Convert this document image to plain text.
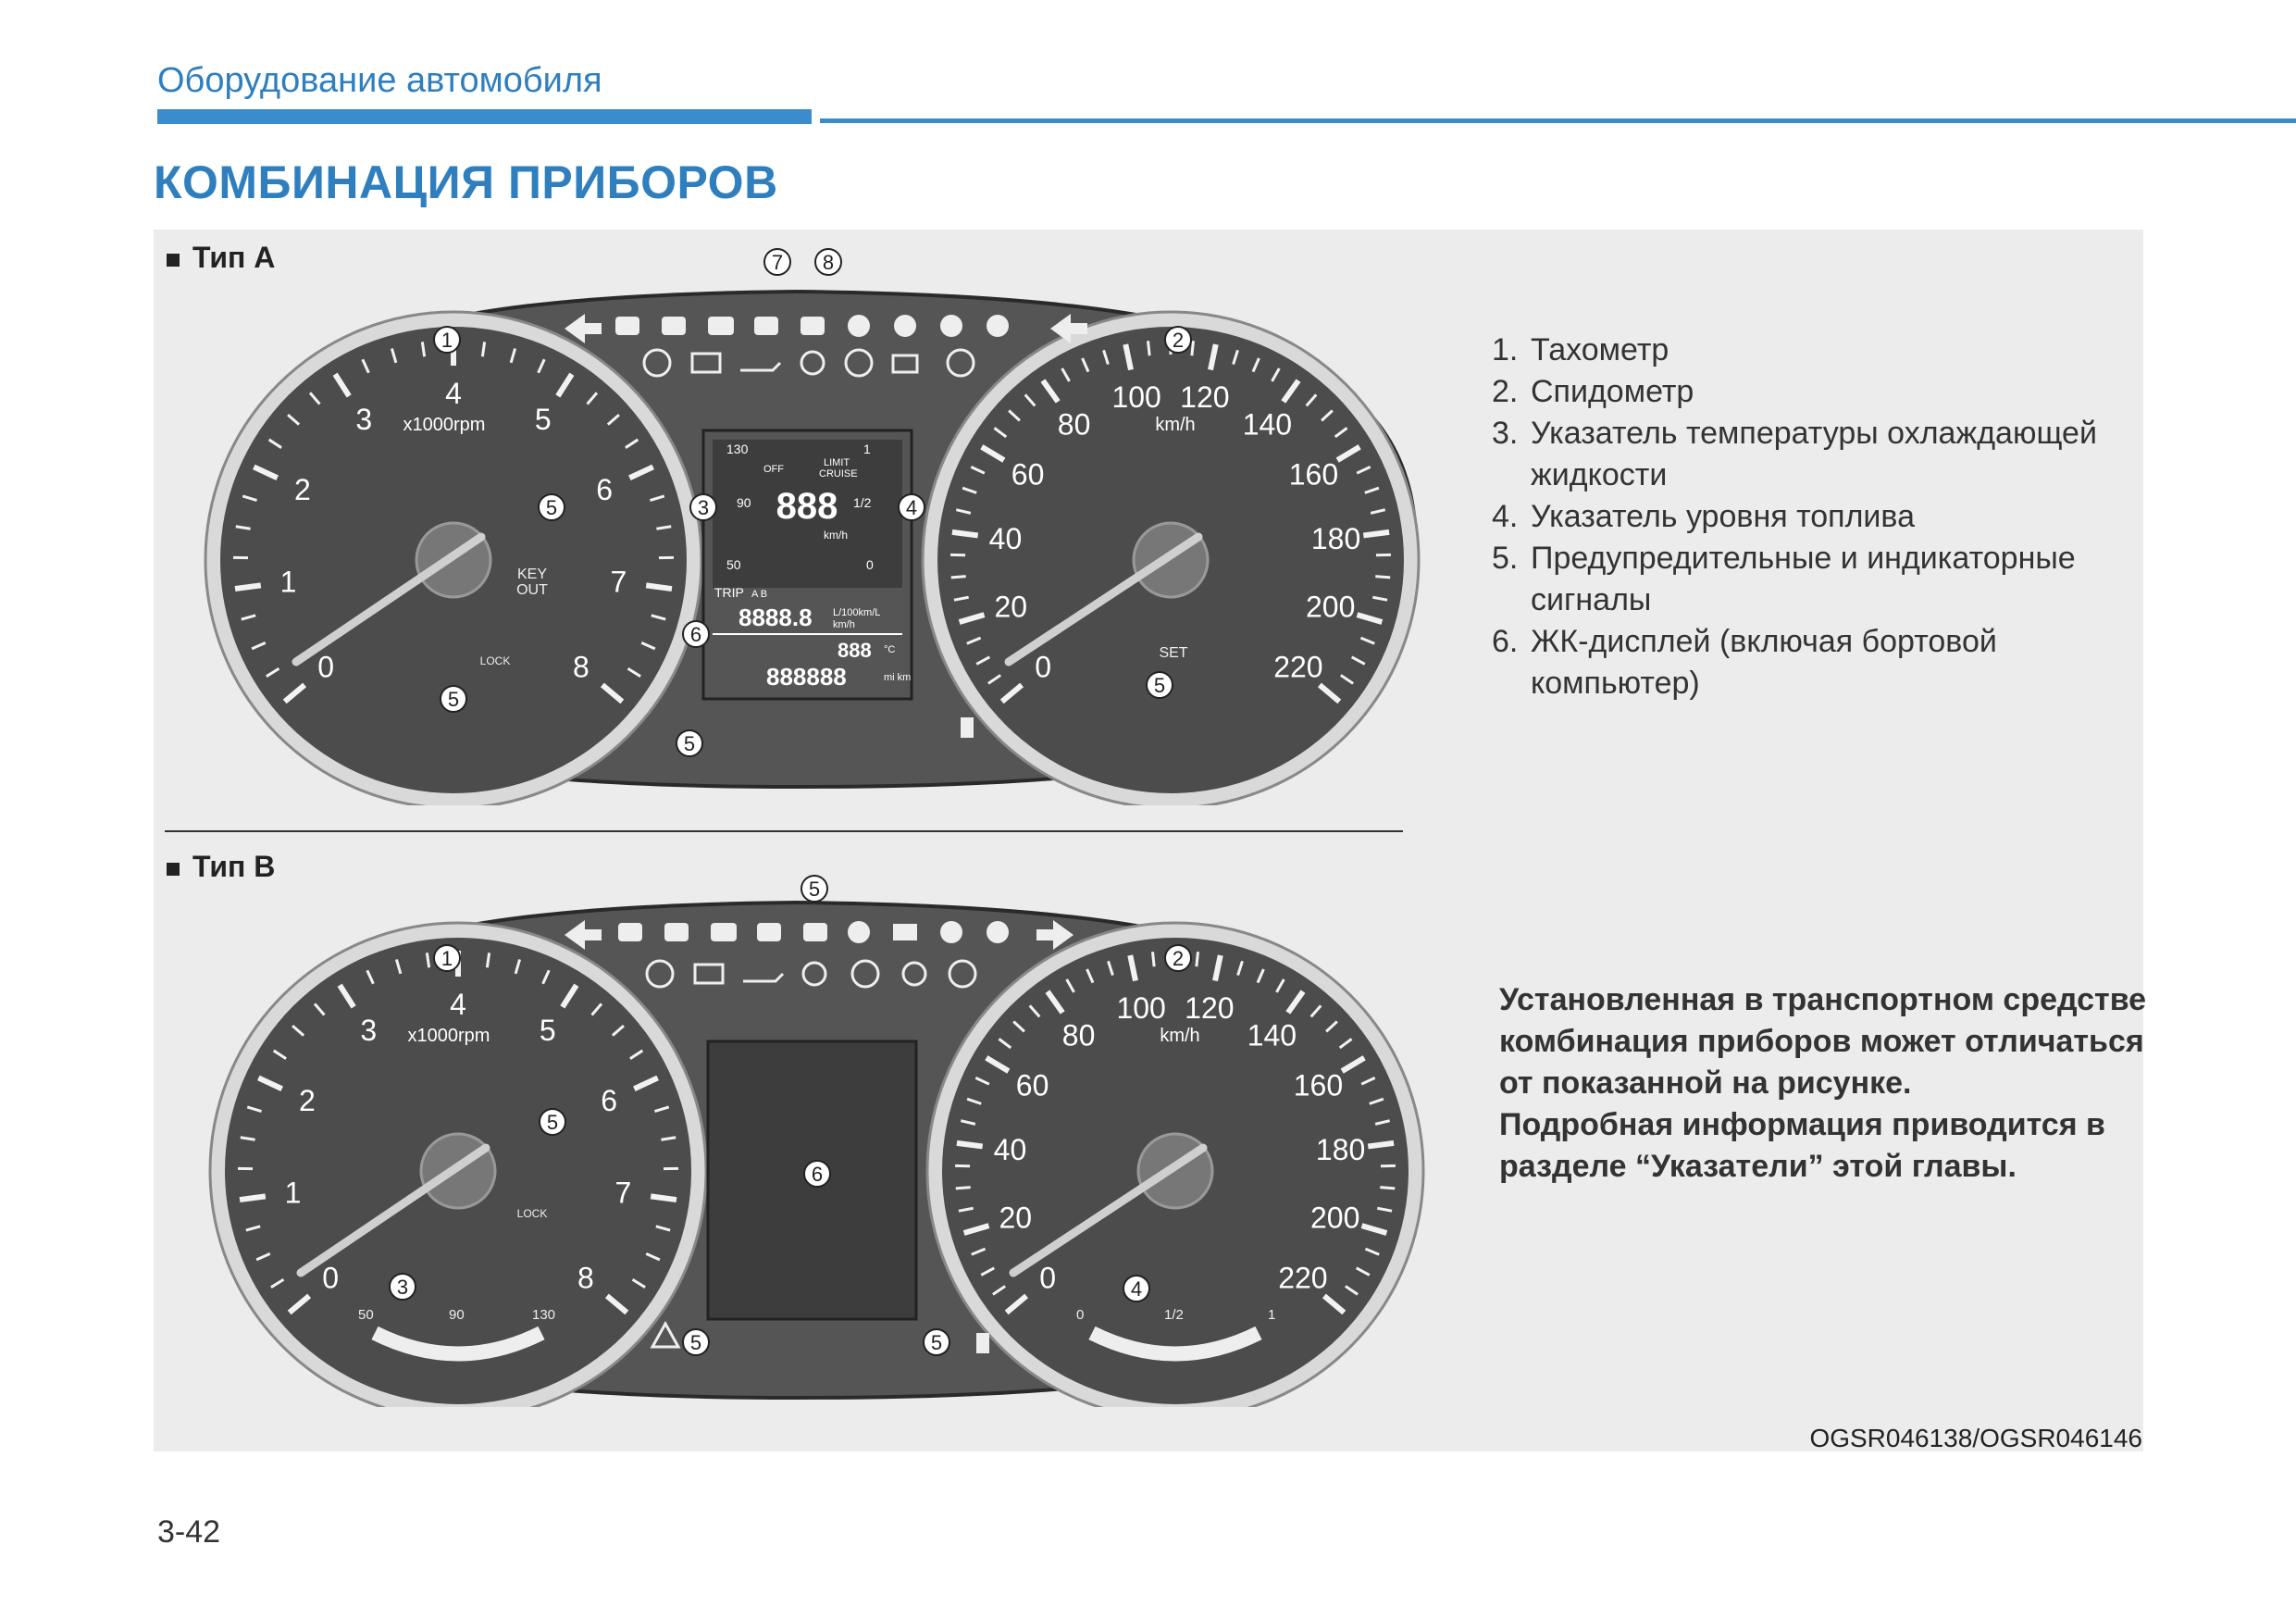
Оборудование автомобиля
КОМБИНАЦИЯ ПРИБОРОВ
Тип A
Тип B
0
1
2
3
4
5
6
7
8
x1000rpm
0
20
40
60
80
100 120
140
160
180
200
220
km/h
130
90
50
1
1/2
0
OFF
LIMIT
CRUISE
888
km/h
TRIP A B
8888.8 L/100km/L
km/h
888 °C
888888	mi km
KEY
OUT
LOCK	SET
7 8
1	2
3	4
5
5
5
5
6
0
1
2
3
4
5
6
7
8
x1000rpm
50	90	130
0
20
40
60
80
100 120
140
160
180
200
220
km/h
0	1/2	1
LOCK
5
1	2
5
3	4
6
5	5
1. Тахометр
2. Спидометр
3. Указатель температуры охлаждающей жидкости
4. Указатель уровня топлива
5. Предупредительные и индикаторные сигналы
6. ЖК-дисплей (включая бортовой компьютер)

Установленная в транспортном средстве комбинация приборов может отличаться от показанной на рисунке.

Подробная информация приводится в разделе “Указатели” этой главы.

OGSR046138/OGSR046146
3-42
